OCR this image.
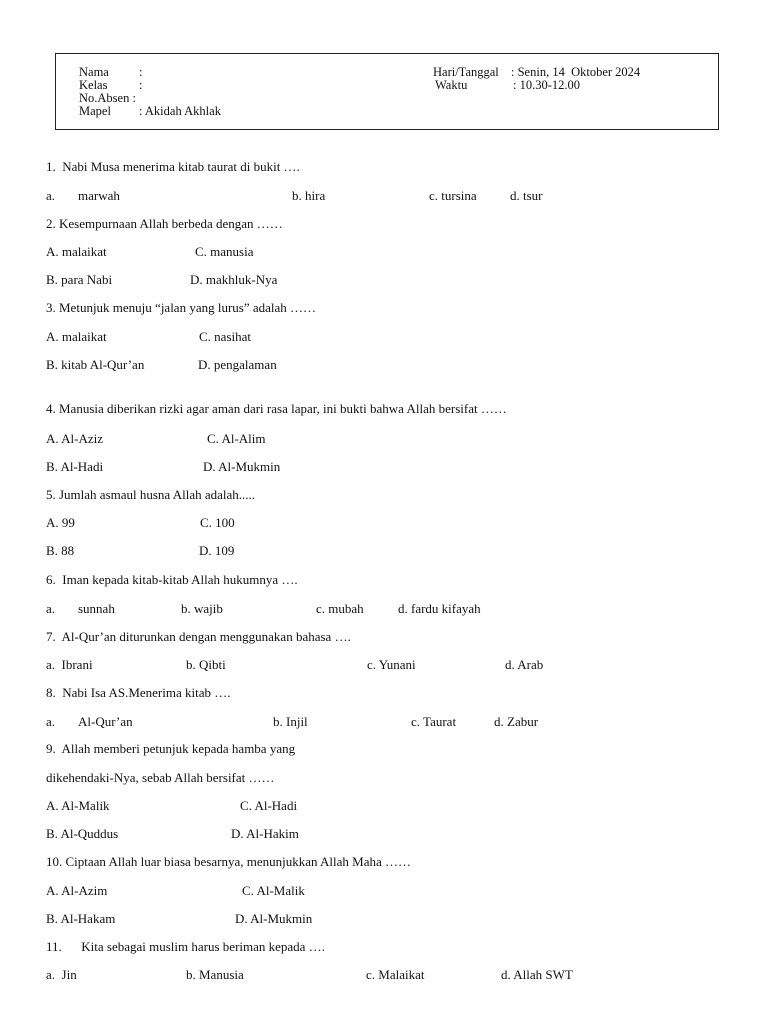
Nama :
Kelas	:
No.Absen :
Mapel : Akidah Akhlak
Hari/Tanggal : Senin, 14  Oktober 2024
Waktu	: 10.30-12.00
1.  Nabi Musa menerima kitab taurat di bukit ….
a. marwah	b. hira	c. tursina	d. tsur
2. Kesempurnaan Allah berbeda dengan ……
A. malaikat	C. manusia
B. para Nabi	D. makhluk-Nya
3. Metunjuk menuju “jalan yang lurus” adalah ……
A. malaikat	C. nasihat
B. kitab Al-Qur’an	D. pengalaman
4. Manusia diberikan rizki agar aman dari rasa lapar, ini bukti bahwa Allah bersifat ……
A. Al-Aziz	C. Al-Alim
B. Al-Hadi	D. Al-Mukmin
5. Jumlah asmaul husna Allah adalah.....
A. 99	C. 100
B. 88	D. 109
6.  Iman kepada kitab-kitab Allah hukumnya ….
a. sunnah	b. wajib	c. mubah	d. fardu kifayah
7.  Al-Qur’an diturunkan dengan menggunakan bahasa ….
a.  Ibrani	b. Qibti	c. Yunani	d. Arab
8.  Nabi Isa AS.Menerima kitab ….
a. Al-Qur’an	b. Injil	c. Taurat	d. Zabur
9.  Allah memberi petunjuk kepada hamba yang
dikehendaki-Nya, sebab Allah bersifat ……
A. Al-Malik	C. Al-Hadi
B. Al-Quddus	D. Al-Hakim
10. Ciptaan Allah luar biasa besarnya, menunjukkan Allah Maha ……
A. Al-Azim	C. Al-Malik
B. Al-Hakam	D. Al-Mukmin
11.      Kita sebagai muslim harus beriman kepada ….
a.  Jin	b. Manusia	c. Malaikat	d. Allah SWT
